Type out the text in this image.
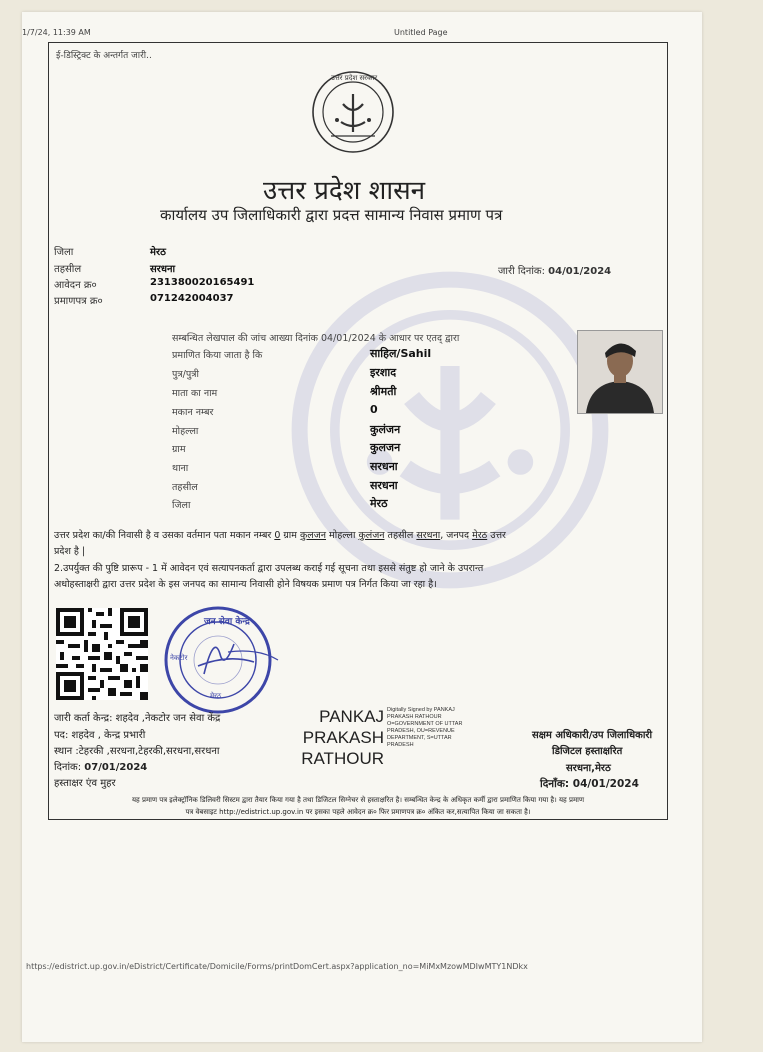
1/7/24, 11:39 AM	Untitled Page
ई-डिस्ट्रिक्ट के अन्तर्गत जारी..
उत्तर प्रदेश सरकार
उत्तर प्रदेश शासन
कार्यालय उप जिलाधिकारी द्वारा प्रदत्त सामान्य निवास प्रमाण पत्र
जिला	मेरठ
तहसील	सरधना
आवेदन क्र०	231380020165491
प्रमाणपत्र क्र०	071242004037
जारी दिनांक: 04/01/2024
सम्बन्धित लेखपाल की जांच आख्या दिनांक 04/01/2024 के आधार पर एतद् द्वारा
प्रमाणित किया जाता है कि	साहिल/Sahil
पुत्र/पुत्री	इरशाद
माता का नाम	श्रीमती
मकान नम्बर	0
मोहल्ला	कुलंजन
ग्राम	कुलजन
थाना	सरधना
तहसील	सरधना
जिला	मेरठ
उत्तर प्रदेश का/की निवासी है व उसका वर्तमान पता मकान नम्बर 0 ग्राम कुलजन मोहल्ला कुलंजन तहसील सरधना, जनपद मेरठ उत्तर
प्रदेश है |
2.उपर्युक्त की पुष्टि प्रारूप - 1 में आवेदन एवं सत्यापनकर्ता द्वारा उपलब्ध कराई गई सूचना तथा इससे संतुष्ट हो जाने के उपरान्त
अधोहस्ताक्षरी द्वारा उत्तर प्रदेश के इस जनपद का सामान्य निवासी होने विषयक प्रमाण पत्र निर्गत किया जा रहा है।
जन सेवा केन्द्र
नेकटोर
मेरठ
जारी कर्ता केन्द्र: शहदेव ,नेकटोर जन सेवा केंद्र
पद: शहदेव , केन्द्र प्रभारी
स्थान :टेहरकी ,सरधना,टेहरकी,सरधना,सरधना
दिनांक: 07/01/2024
हस्ताक्षर एंव मुहर
PANKAJ
PRAKASH
RATHOUR
Digitally Signed by PANKAJ
PRAKASH RATHOUR
O=GOVERNMENT OF UTTAR
PRADESH, OU=REVENUE
DEPARTMENT, S=UTTAR
PRADESH
सक्षम अधिकारी/उप जिलाधिकारी
डिजिटल हस्ताक्षरित
सरधना,मेरठ
दिनाँक: 04/01/2024
यह प्रमाण पत्र इलेक्ट्रॉनिक डिलिवरी सिस्टम द्वारा तैयार किया गया है तथा डिजिटल सिग्नेचर से हस्ताक्षरित है। सम्बन्धित केन्द्र के अधिकृत कर्मी द्वारा प्रमाणित किया गया है। यह प्रमाण
पत्र वेबसाइट http://edistrict.up.gov.in पर इसका पहले आवेदन क्र० फिर प्रमाणपत्र क्र० अंकित कर,सत्यापित किया जा सकता है।
https://edistrict.up.gov.in/eDistrict/Certificate/Domicile/Forms/printDomCert.aspx?application_no=MiMxMzowMDIwMTY1NDkx
